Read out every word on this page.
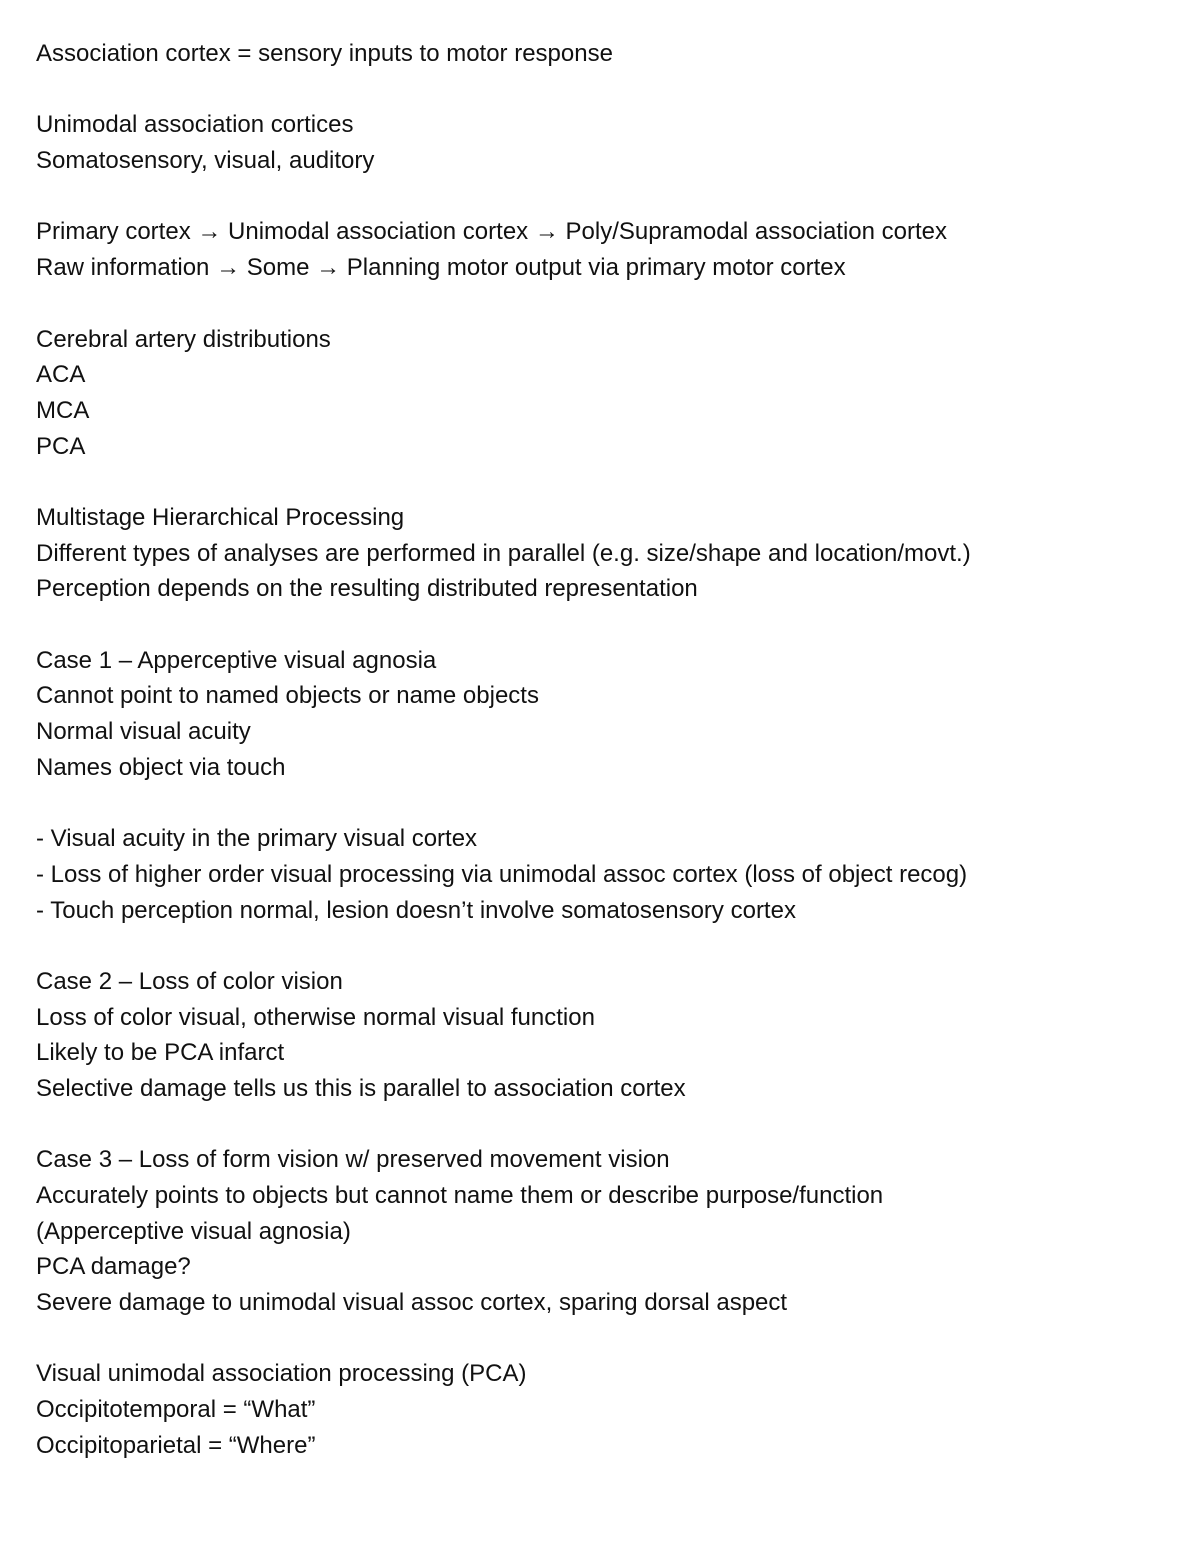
Association cortex = sensory inputs to motor response
Unimodal association cortices
Somatosensory, visual, auditory
Primary cortex → Unimodal association cortex → Poly/Supramodal association cortex
Raw information → Some → Planning motor output via primary motor cortex
Cerebral artery distributions
ACA
MCA
PCA
Multistage Hierarchical Processing
Different types of analyses are performed in parallel (e.g. size/shape and location/movt.)
Perception depends on the resulting distributed representation
Case 1 – Apperceptive visual agnosia
Cannot point to named objects or name objects
Normal visual acuity
Names object via touch
- Visual acuity in the primary visual cortex
- Loss of higher order visual processing via unimodal assoc cortex (loss of object recog)
- Touch perception normal, lesion doesn’t involve somatosensory cortex
Case 2 – Loss of color vision
Loss of color visual, otherwise normal visual function
Likely to be PCA infarct
Selective damage tells us this is parallel to association cortex
Case 3 – Loss of form vision w/ preserved movement vision
Accurately points to objects but cannot name them or describe purpose/function
(Apperceptive visual agnosia)
PCA damage?
Severe damage to unimodal visual assoc cortex, sparing dorsal aspect
Visual unimodal association processing (PCA)
Occipitotemporal = “What”
Occipitoparietal = “Where”
